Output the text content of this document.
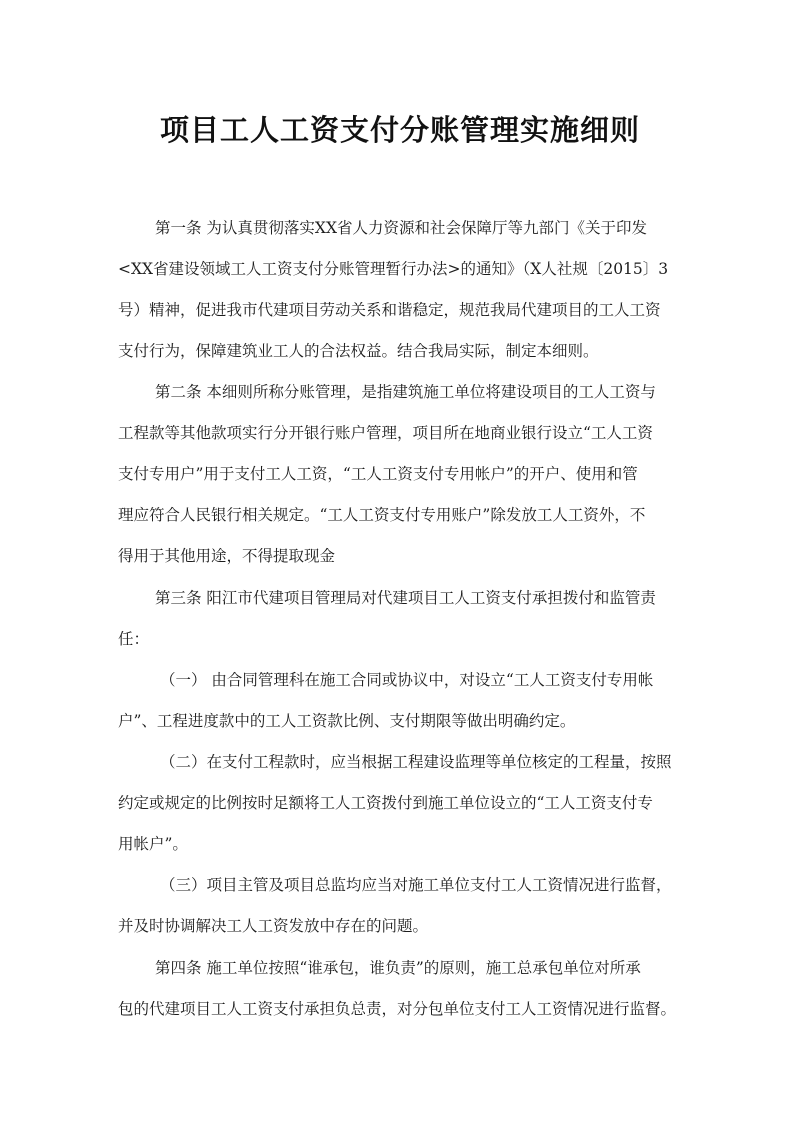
项目工人工资支付分账管理实施细则

第一条 为认真贯彻落实XX省人力资源和社会保障厅等九部门《关于印发

<XX省建设领域工人工资支付分账管理暂行办法>的通知》（X人社规〔2015〕3

号）精神，促进我市代建项目劳动关系和谐稳定，规范我局代建项目的工人工资

支付行为，保障建筑业工人的合法权益。结合我局实际，制定本细则。

第二条 本细则所称分账管理，是指建筑施工单位将建设项目的工人工资与

工程款等其他款项实行分开银行账户管理，项目所在地商业银行设立“工人工资

支付专用户”用于支付工人工资，“工人工资支付专用帐户”的开户、使用和管

理应符合人民银行相关规定。“工人工资支付专用账户”除发放工人工资外，不

得用于其他用途，不得提取现金

第三条 阳江市代建项目管理局对代建项目工人工资支付承担拨付和监管责

任：

（一） 由合同管理科在施工合同或协议中，对设立“工人工资支付专用帐

户”、工程进度款中的工人工资款比例、支付期限等做出明确约定。

（二）在支付工程款时，应当根据工程建设监理等单位核定的工程量，按照

约定或规定的比例按时足额将工人工资拨付到施工单位设立的“工人工资支付专

用帐户”。

（三）项目主管及项目总监均应当对施工单位支付工人工资情况进行监督，

并及时协调解决工人工资发放中存在的问题。

第四条 施工单位按照“谁承包，谁负责”的原则，施工总承包单位对所承

包的代建项目工人工资支付承担负总责，对分包单位支付工人工资情况进行监督。
